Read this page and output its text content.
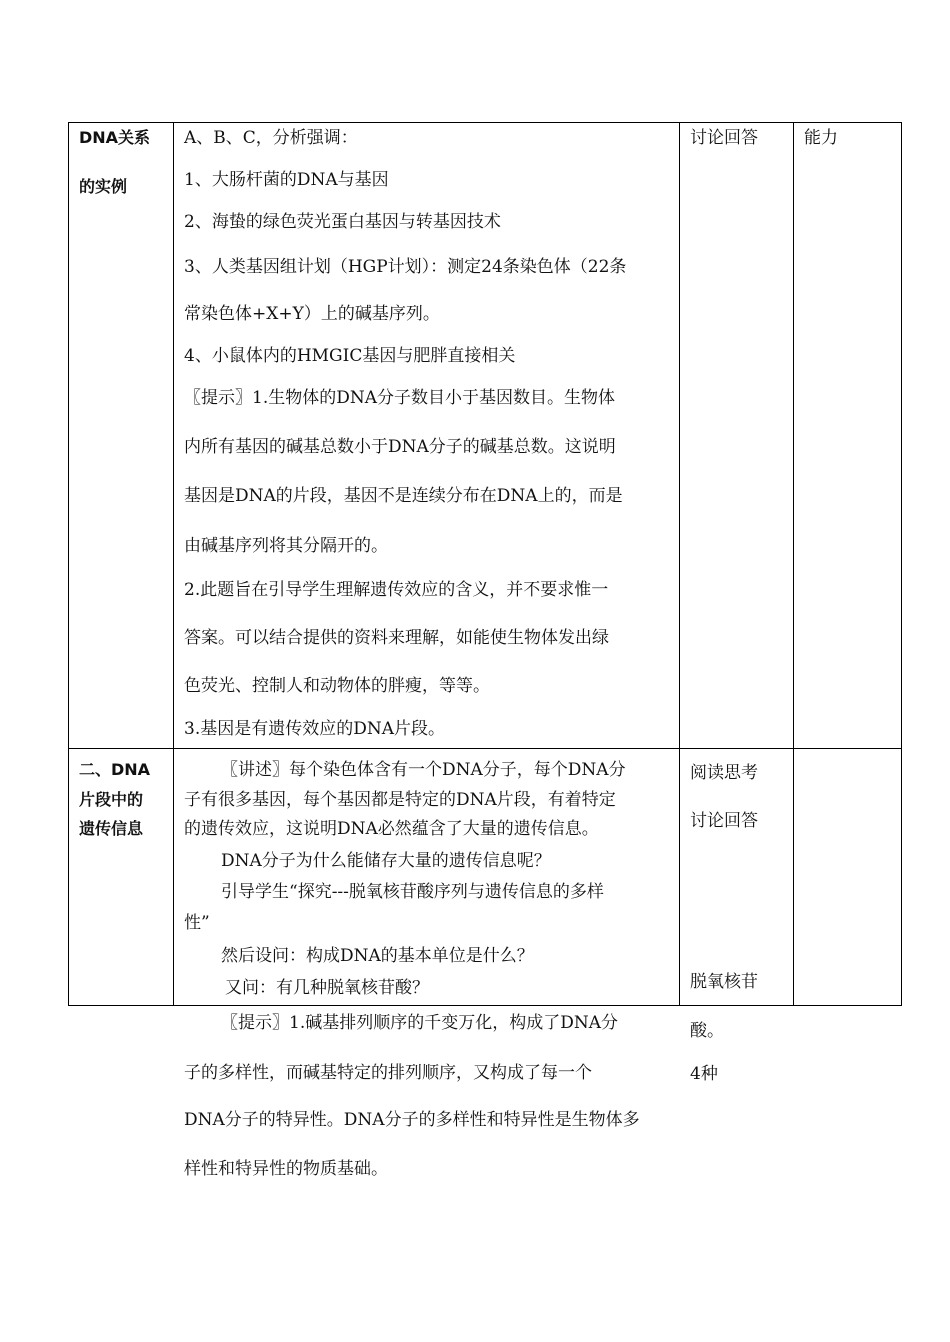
DNA关系
的实例
A、B、C，分析强调：
1、大肠杆菌的DNA与基因
2、海蛰的绿色荧光蛋白基因与转基因技术
3、人类基因组计划（HGP计划）：测定24条染色体（22条
常染色体+X+Y）上的碱基序列。
4、小鼠体内的HMGIC基因与肥胖直接相关
〖提示〗1.生物体的DNA分子数目小于基因数目。生物体
内所有基因的碱基总数小于DNA分子的碱基总数。这说明
基因是DNA的片段，基因不是连续分布在DNA上的，而是
由碱基序列将其分隔开的。
2.此题旨在引导学生理解遗传效应的含义，并不要求惟一
答案。可以结合提供的资料来理解，如能使生物体发出绿
色荧光、控制人和动物体的胖瘦，等等。
3.基因是有遗传效应的DNA片段。
讨论回答	能力
二、DNA
片段中的
遗传信息
〖讲述〗每个染色体含有一个DNA分子，每个DNA分
子有很多基因，每个基因都是特定的DNA片段，有着特定
的遗传效应，这说明DNA必然蕴含了大量的遗传信息。
DNA分子为什么能储存大量的遗传信息呢？
引导学生“探究---脱氧核苷酸序列与遗传信息的多样
性”
然后设问：构成DNA的基本单位是什么？
又问：有几种脱氧核苷酸？
〖提示〗1.碱基排列顺序的千变万化，构成了DNA分
子的多样性，而碱基特定的排列顺序，又构成了每一个
DNA分子的特异性。DNA分子的多样性和特异性是生物体多
样性和特异性的物质基础。
阅读思考
讨论回答
脱氧核苷
酸。
4种
